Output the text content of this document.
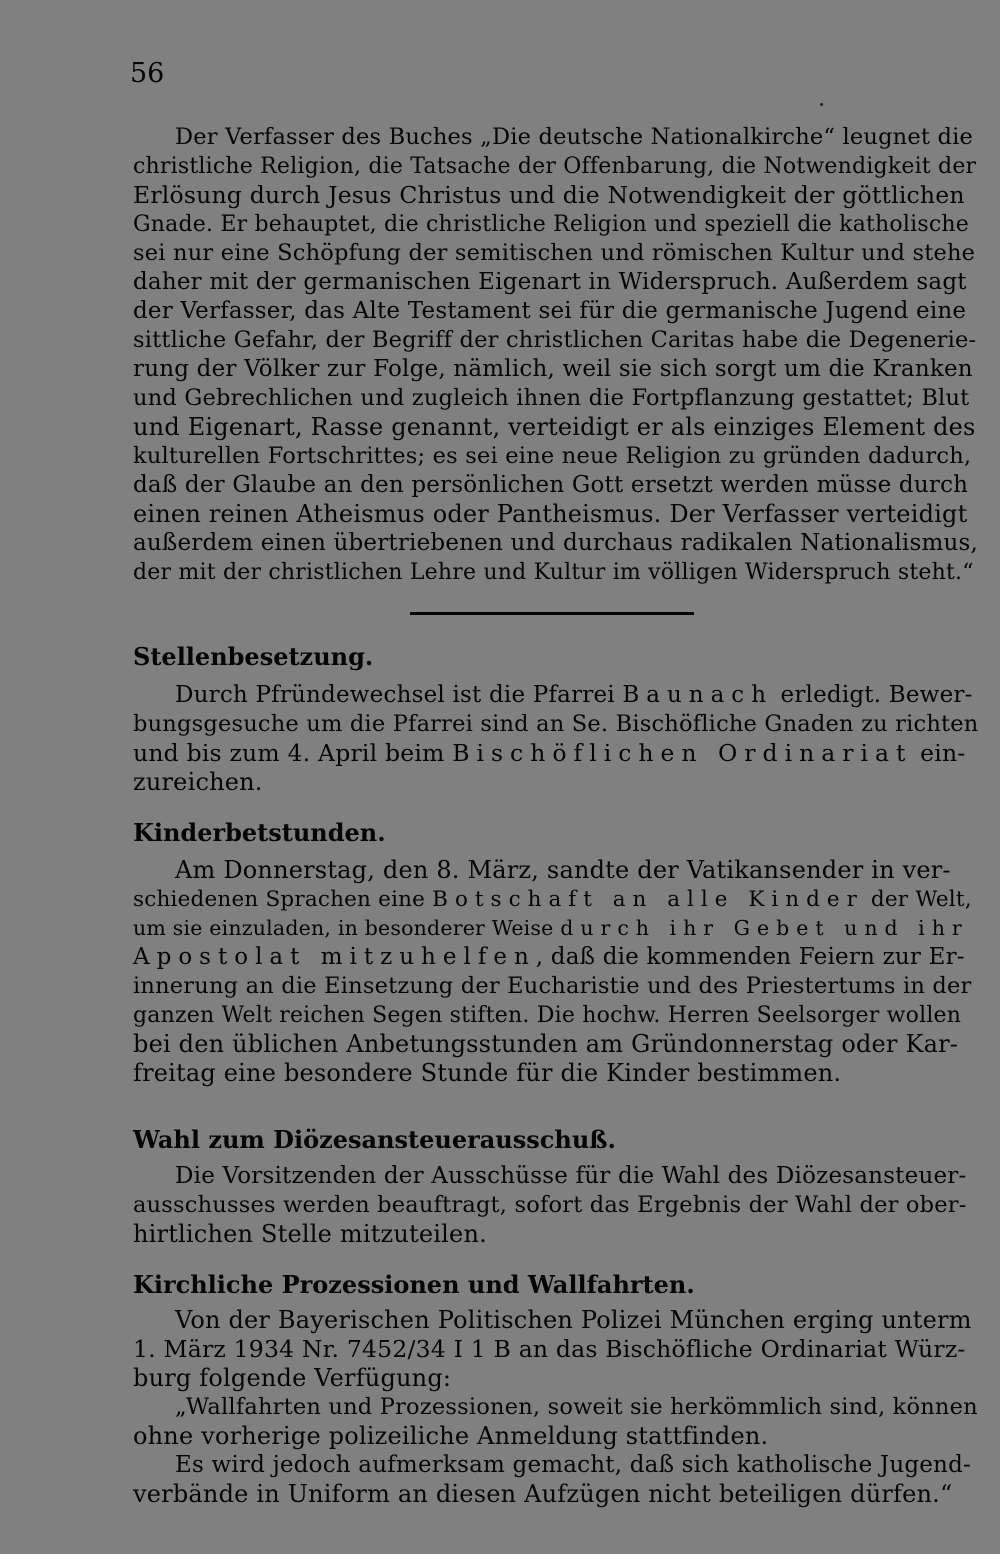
56

Der Verfasser des Buches „Die deutsche Nationalkirche“ leugnet die
christliche Religion, die Tatsache der Offenbarung, die Notwendigkeit der
Erlösung durch Jesus Christus und die Notwendigkeit der göttlichen
Gnade. Er behauptet, die christliche Religion und speziell die katholische
sei nur eine Schöpfung der semitischen und römischen Kultur und stehe
daher mit der germanischen Eigenart in Widerspruch. Außerdem sagt
der Verfasser, das Alte Testament sei für die germanische Jugend eine
sittliche Gefahr, der Begriff der christlichen Caritas habe die Degenerie-
rung der Völker zur Folge, nämlich, weil sie sich sorgt um die Kranken
und Gebrechlichen und zugleich ihnen die Fortpflanzung gestattet; Blut
und Eigenart, Rasse genannt, verteidigt er als einziges Element des
kulturellen Fortschrittes; es sei eine neue Religion zu gründen dadurch,
daß der Glaube an den persönlichen Gott ersetzt werden müsse durch
einen reinen Atheismus oder Pantheismus. Der Verfasser verteidigt
außerdem einen übertriebenen und durchaus radikalen Nationalismus,
der mit der christlichen Lehre und Kultur im völligen Widerspruch steht.“

Stellenbesetzung.

Durch Pfründewechsel ist die Pfarrei Baunach erledigt. Bewer-
bungsgesuche um die Pfarrei sind an Se. Bischöfliche Gnaden zu richten
und bis zum 4. April beim Bischöflichen Ordinariat ein-
zureichen.

Kinderbetstunden.

Am Donnerstag, den 8. März, sandte der Vatikansender in ver-
schiedenen Sprachen eine Botschaft an alle Kinder der Welt,
um sie einzuladen, in besonderer Weise durch ihr Gebet und ihr
Apostolat mitzuhelfen, daß die kommenden Feiern zur Er-
innerung an die Einsetzung der Eucharistie und des Priestertums in der
ganzen Welt reichen Segen stiften. Die hochw. Herren Seelsorger wollen
bei den üblichen Anbetungsstunden am Gründonnerstag oder Kar-
freitag eine besondere Stunde für die Kinder bestimmen.

Wahl zum Diözesansteuerausschuß.

Die Vorsitzenden der Ausschüsse für die Wahl des Diözesansteuer-
ausschusses werden beauftragt, sofort das Ergebnis der Wahl der ober-
hirtlichen Stelle mitzuteilen.

Kirchliche Prozessionen und Wallfahrten.

Von der Bayerischen Politischen Polizei München erging unterm
1. März 1934 Nr. 7452/34 I 1 B an das Bischöfliche Ordinariat Würz-
burg folgende Verfügung:
„Wallfahrten und Prozessionen, soweit sie herkömmlich sind, können
ohne vorherige polizeiliche Anmeldung stattfinden.
Es wird jedoch aufmerksam gemacht, daß sich katholische Jugend-
verbände in Uniform an diesen Aufzügen nicht beteiligen dürfen.“
